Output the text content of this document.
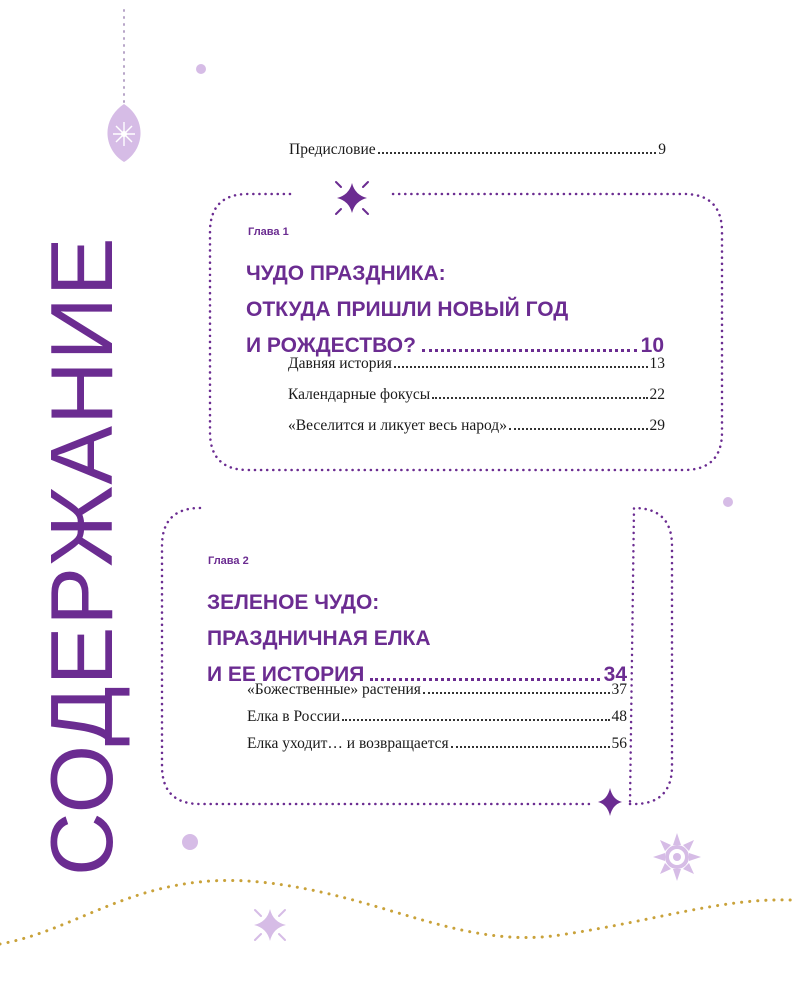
СОДЕРЖАНИЕ
Предисловие	9
Глава 1
ЧУДО ПРАЗДНИКА:
ОТКУДА ПРИШЛИ НОВЫЙ ГОД
И РОЖДЕСТВО?	10
Давняя история	13
Календарные фокусы	22
«Веселится и ликует весь народ»	29
Глава 2
ЗЕЛЕНОЕ ЧУДО:
ПРАЗДНИЧНАЯ ЕЛКА
И ЕЕ ИСТОРИЯ	34
«Божественные» растения	37
Елка в России	48
Елка уходит… и возвращается	56
